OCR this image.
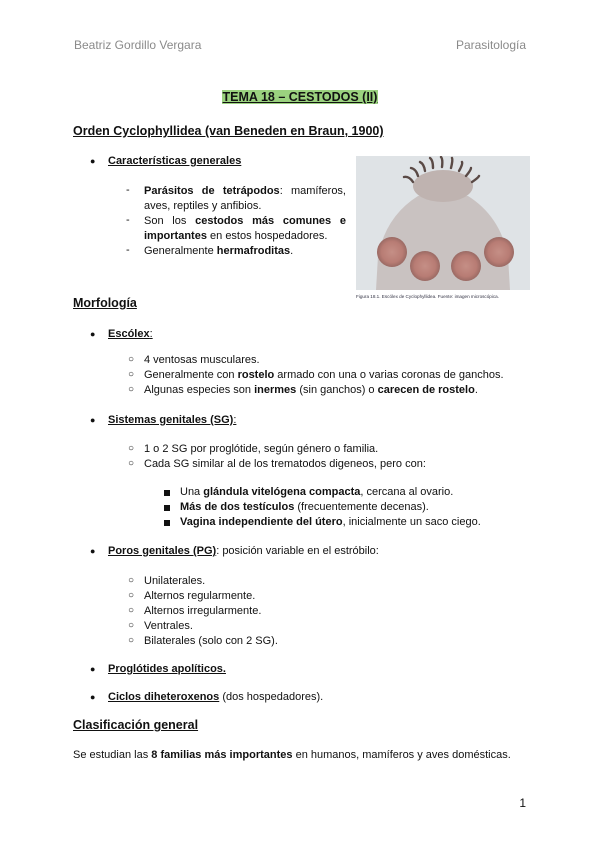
Beatriz Gordillo Vergara	Parasitología
TEMA 18 – CESTODOS (II)
Orden Cyclophyllidea (van Beneden en Braun, 1900)
● Características generales
- Parásitos de tetrápodos: mamíferos, aves, reptiles y anfibios.
- Son los cestodos más comunes e importantes en estos hospedadores.
- Generalmente hermafroditas.
Figura 18.1. Escólex de Cyclophyllidea. Fuente: imagen microscópica.
Morfología
● Escólex:
○ 4 ventosas musculares.
○ Generalmente con rostelo armado con una o varias coronas de ganchos.
○ Algunas especies son inermes (sin ganchos) o carecen de rostelo.
● Sistemas genitales (SG):
○ 1 o 2 SG por proglótide, según género o familia.
○ Cada SG similar al de los trematodos digeneos, pero con:
Una glándula vitelógena compacta, cercana al ovario.
Más de dos testículos (frecuentemente decenas).
Vagina independiente del útero, inicialmente un saco ciego.
● Poros genitales (PG): posición variable en el estróbilo:
○ Unilaterales.
○ Alternos regularmente.
○ Alternos irregularmente.
○ Ventrales.
○ Bilaterales (solo con 2 SG).
● Proglótides apolíticos.
● Ciclos diheteroxenos (dos hospedadores).
Clasificación general
Se estudian las 8 familias más importantes en humanos, mamíferos y aves domésticas.
1
